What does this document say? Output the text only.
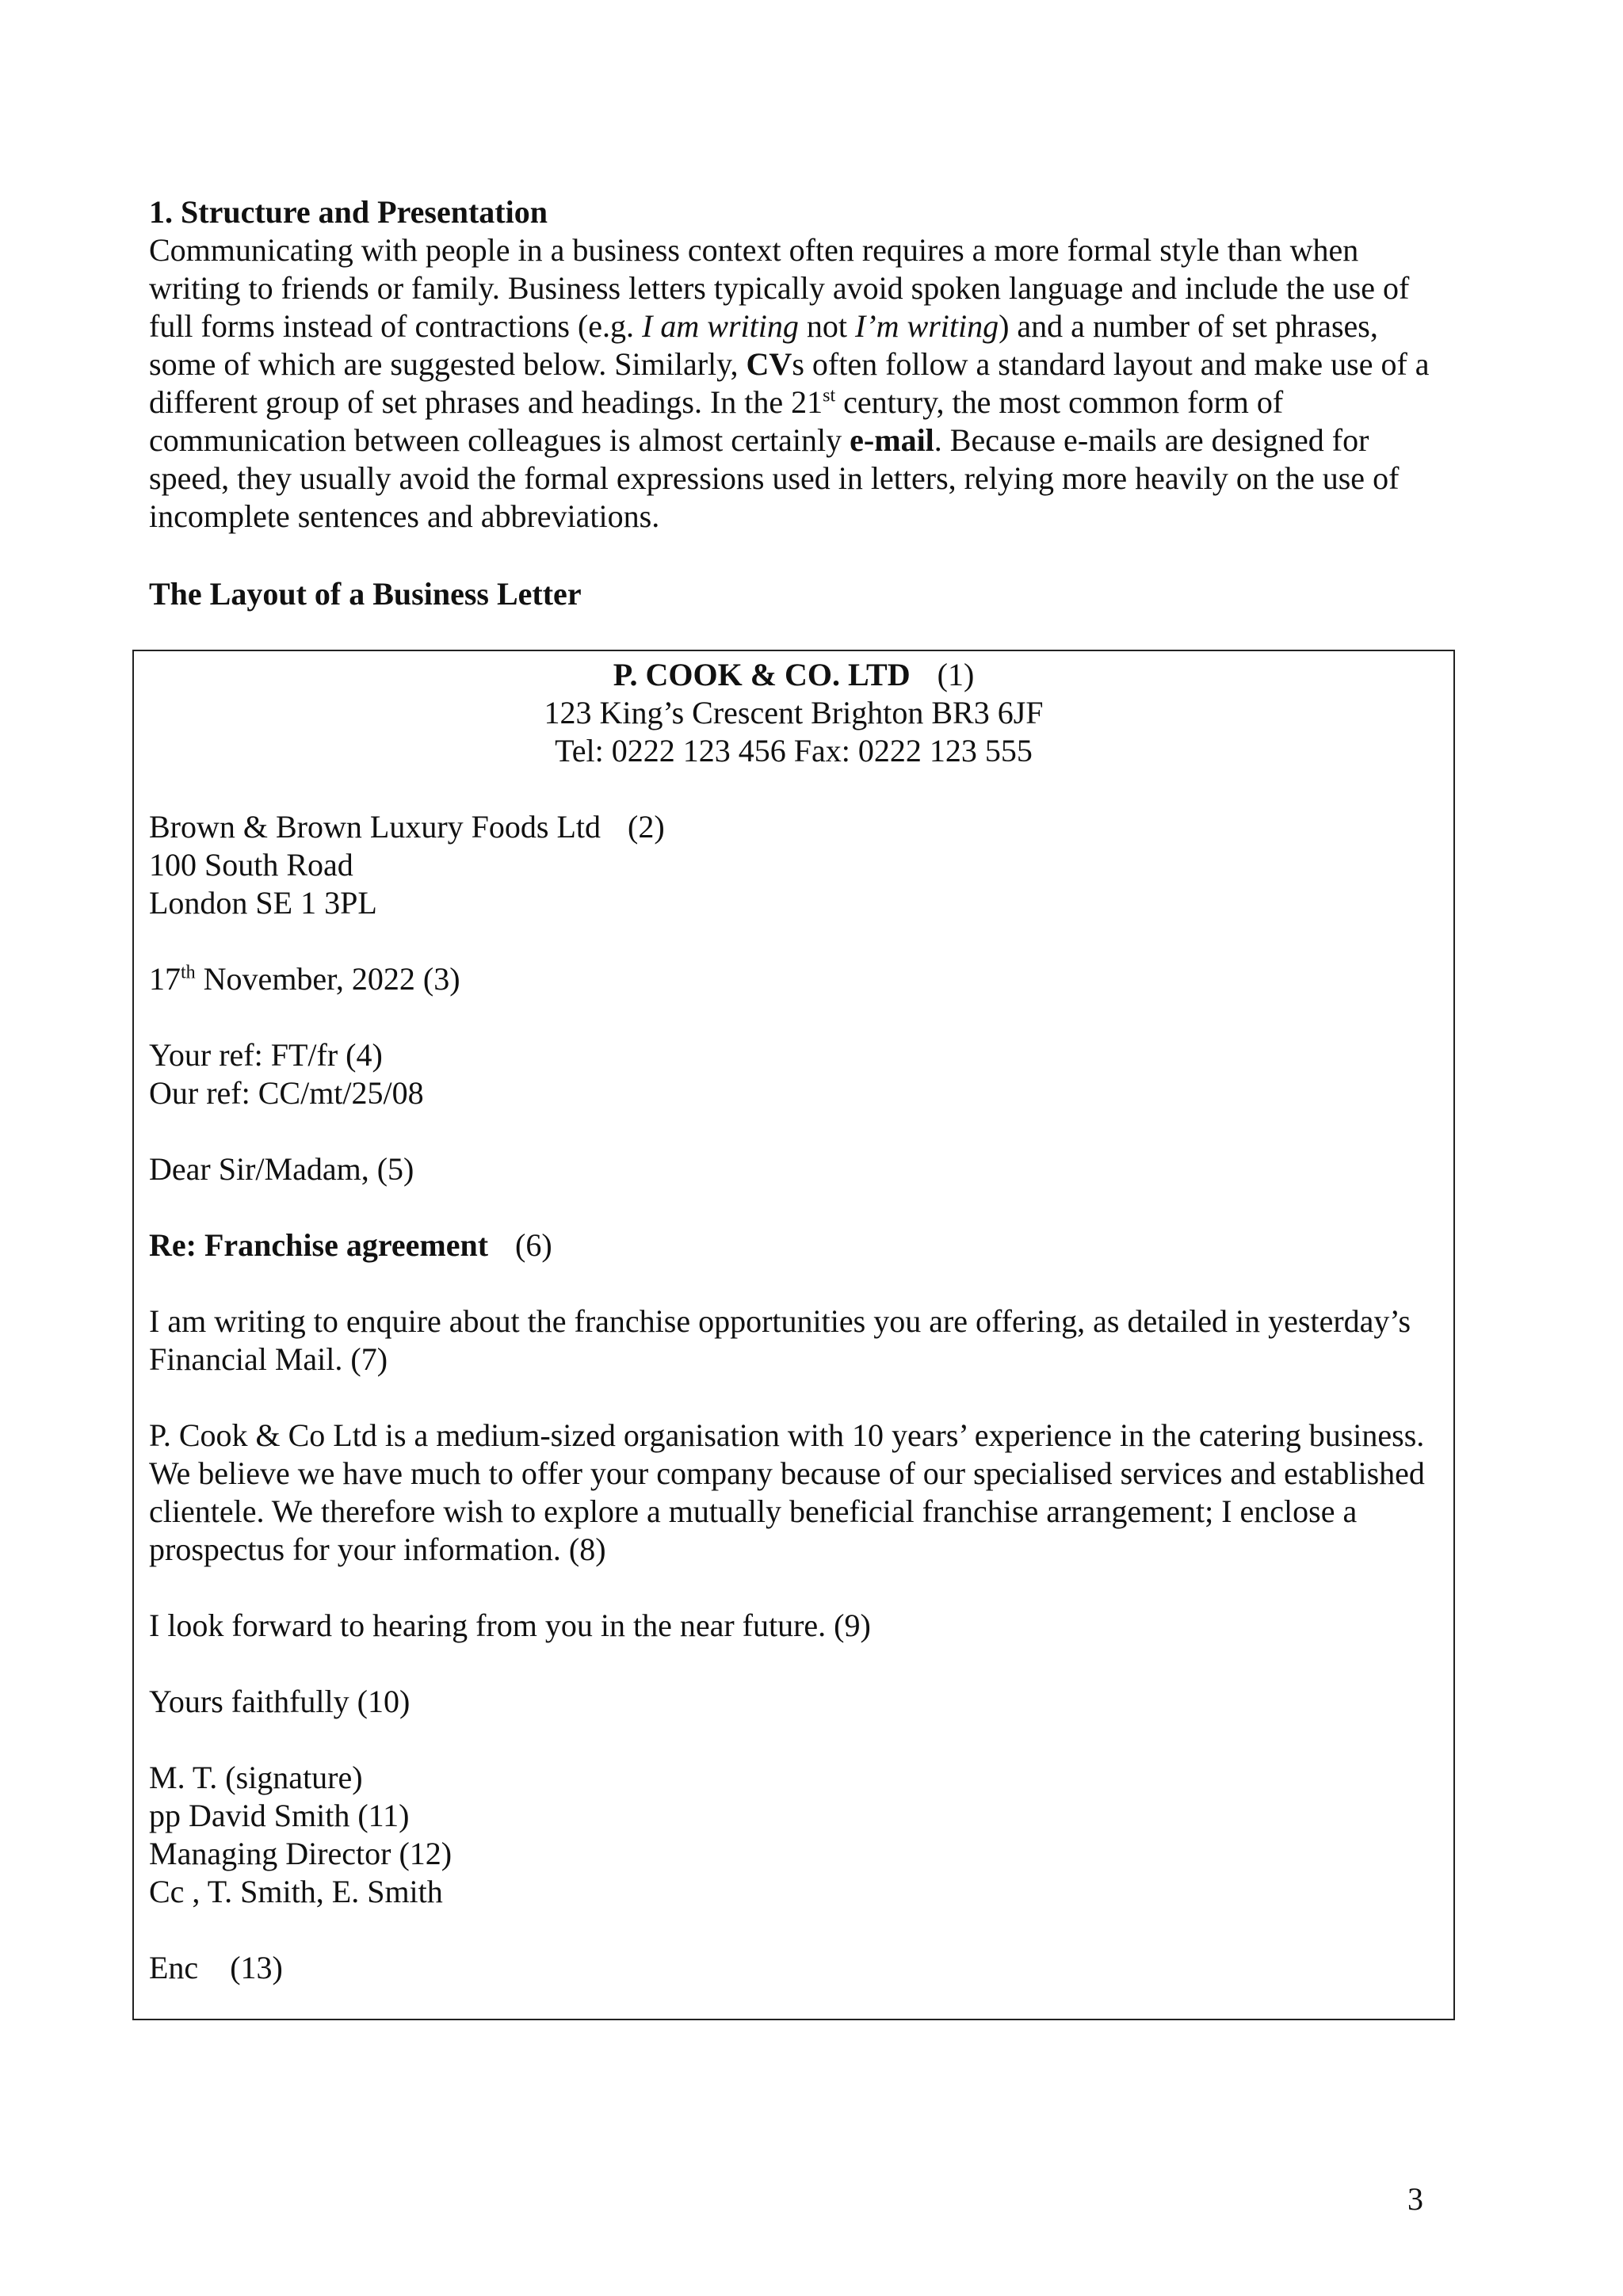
1. Structure and Presentation

Communicating with people in a business context often requires a more formal style than when writing to friends or family. Business letters typically avoid spoken language and include the use of full forms instead of contractions (e.g. I am writing not I’m writing) and a number of set phrases, some of which are suggested below. Similarly, CVs often follow a standard layout and make use of a different group of set phrases and headings. In the 21st century, the most common form of communication between colleagues is almost certainly e-mail. Because e-mails are designed for speed, they usually avoid the formal expressions used in letters, relying more heavily on the use of incomplete sentences and abbreviations.

The Layout of a Business Letter

P. COOK & CO. LTD (1)
123 King’s Crescent Brighton BR3 6JF
Tel: 0222 123 456 Fax: 0222 123 555
Brown & Brown Luxury Foods Ltd (2)
100 South Road
London SE 1 3PL
17th November, 2022 (3)
Your ref: FT/fr (4)
Our ref: CC/mt/25/08
Dear Sir/Madam, (5)
Re: Franchise agreement (6)
I am writing to enquire about the franchise opportunities you are offering, as detailed in yesterday’s Financial Mail. (7)
P. Cook & Co Ltd is a medium-sized organisation with 10 years’ experience in the catering business. We believe we have much to offer your company because of our specialised services and established clientele. We therefore wish to explore a mutually beneficial franchise arrangement; I enclose a prospectus for your information. (8)
I look forward to hearing from you in the near future. (9)
Yours faithfully (10)
M. T. (signature)
pp David Smith (11)
Managing Director (12)
Cc , T. Smith, E. Smith
Enc    (13)
3
